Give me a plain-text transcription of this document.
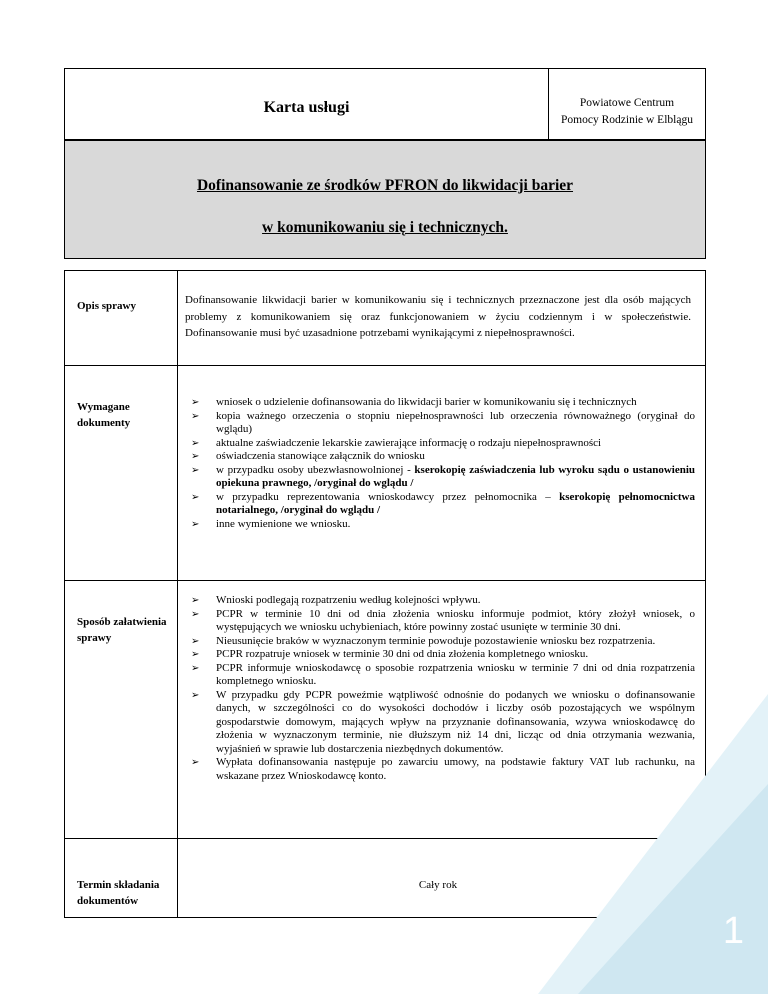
Karta usługi	Powiatowe Centrum
Pomocy Rodzinie w Elblągu
Dofinansowanie ze środków PFRON do likwidacji barier
w komunikowaniu się i technicznych.
Opis sprawy	Dofinansowanie likwidacji barier w komunikowaniu się i technicznych przeznaczone jest dla osób mających problemy z komunikowaniem się oraz funkcjonowaniem w życiu codziennym i w społeczeństwie. Dofinansowanie musi być uzasadnione potrzebami wynikającymi z niepełnosprawności.
Wymagane dokumenty
➢ wniosek o udzielenie dofinansowania do likwidacji barier w komunikowaniu się i technicznych
➢ kopia ważnego orzeczenia o stopniu niepełnosprawności lub orzeczenia równoważnego (oryginał do wglądu)
➢ aktualne zaświadczenie lekarskie zawierające informację o rodzaju niepełnosprawności
➢ oświadczenia stanowiące załącznik do wniosku
➢ w przypadku osoby ubezwłasnowolnionej - kserokopię zaświadczenia lub wyroku sądu o ustanowieniu opiekuna prawnego, /oryginał do wglądu /
➢ w przypadku reprezentowania wnioskodawcy przez pełnomocnika – kserokopię pełnomocnictwa notarialnego, /oryginał do wglądu /
➢ inne wymienione we wniosku.
Sposób załatwienia sprawy
➢ Wnioski podlegają rozpatrzeniu według kolejności wpływu.
➢ PCPR w terminie 10 dni od dnia złożenia wniosku informuje podmiot, który złożył wniosek, o występujących we wniosku uchybieniach, które powinny zostać usunięte w terminie 30 dni.
➢ Nieusunięcie braków w wyznaczonym terminie powoduje pozostawienie wniosku bez rozpatrzenia.
➢ PCPR rozpatruje wniosek w terminie 30 dni od dnia złożenia kompletnego wniosku.
➢ PCPR informuje wnioskodawcę o sposobie rozpatrzenia wniosku w terminie 7 dni od dnia rozpatrzenia kompletnego wniosku.
➢ W przypadku gdy PCPR poweźmie wątpliwość odnośnie do podanych we wniosku o dofinansowanie danych, w szczególności co do wysokości dochodów i liczby osób pozostających we wspólnym gospodarstwie domowym, mających wpływ na przyznanie dofinansowania, wzywa wnioskodawcę do złożenia w wyznaczonym terminie, nie dłuższym niż 14 dni, licząc od dnia otrzymania wezwania, wyjaśnień w sprawie lub dostarczenia niezbędnych dokumentów.
➢ Wypłata dofinansowania następuje po zawarciu umowy, na podstawie faktury VAT lub rachunku, na wskazane przez Wnioskodawcę konto.
Termin składania dokumentów
Cały rok
1
